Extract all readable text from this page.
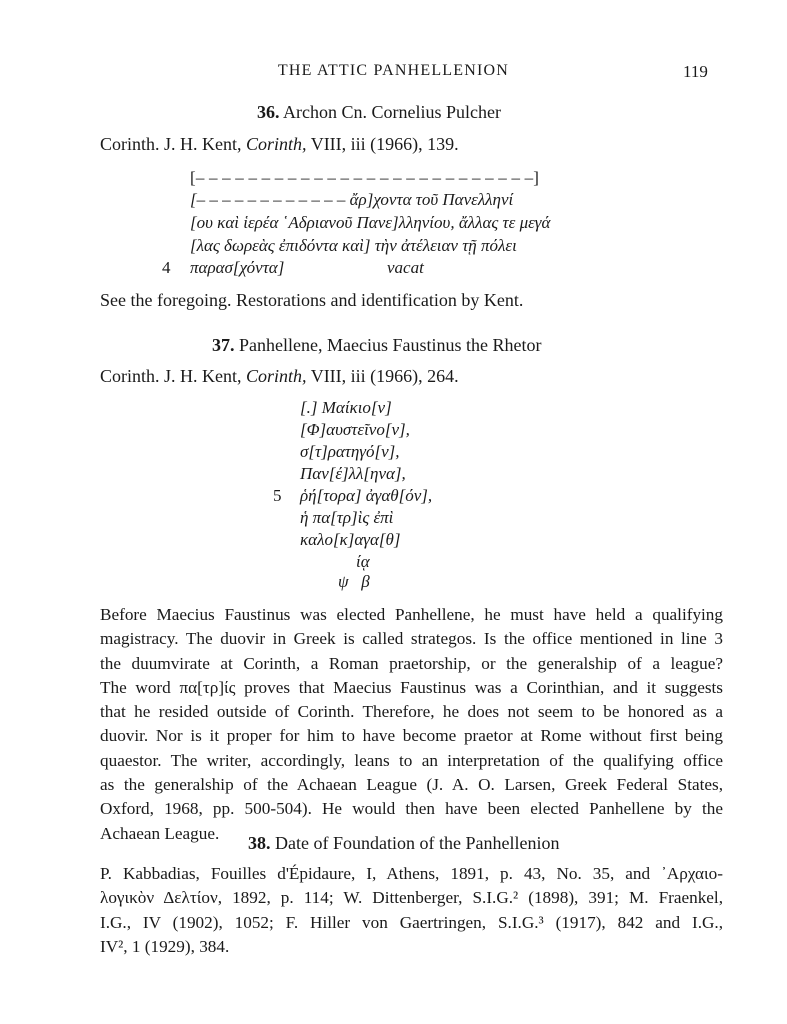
THE ATTIC PANHELLENION	119
36. Archon Cn. Cornelius Pulcher
Corinth. J. H. Kent, Corinth, VIII, iii (1966), 139.
[– – – – – – – – – – – – – – – – – – – – – – – – – –]
[– – – – – – – – – – – – ἄρ]χοντα τοῦ Πανελληνί
[ου καὶ ἱερέα ῾Αδριανοῦ Πανε]λληνίου, ἄλλας τε μεγά
[λας δωρεὰς ἐπιδόντα καὶ] τὴν ἀτέλειαν τῇ πόλει
4 παρασ[χόντα]	vacat
See the foregoing. Restorations and identification by Kent.
37. Panhellene, Maecius Faustinus the Rhetor
Corinth. J. H. Kent, Corinth, VIII, iii (1966), 264.
[.] Μαίκιο[ν]
[Φ]αυστεῖνο[ν],
σ[τ]ρατηγό[ν],
Παν[έ]λλ[ηνα],
5 ῥή[τορα] ἀγαθ[όν],
ἡ πα[τρ]ὶς ἐπὶ
καλο[κ]αγα[θ]
ίᾳ
ψ   β
Before Maecius Faustinus was elected Panhellene, he must have held a qualifying
magistracy. The duovir in Greek is called strategos. Is the office mentioned in line 3
the duumvirate at Corinth, a Roman praetorship, or the generalship of a league?
The word πα[τρ]ίς proves that Maecius Faustinus was a Corinthian, and it suggests
that he resided outside of Corinth. Therefore, he does not seem to be honored as a
duovir. Nor is it proper for him to have become praetor at Rome without first being
quaestor. The writer, accordingly, leans to an interpretation of the qualifying office
as the generalship of the Achaean League (J. A. O. Larsen, Greek Federal States,
Oxford, 1968, pp. 500-504). He would then have been elected Panhellene by the
Achaean League.	38. Date of Foundation of the Panhellenion
P. Kabbadias, Fouilles d'Épidaure, I, Athens, 1891, p. 43, No. 35, and ᾽Αρχαιο-
λογικὸν Δελτίον, 1892, p. 114; W. Dittenberger, S.I.G.² (1898), 391; M. Fraenkel,
I.G., IV (1902), 1052; F. Hiller von Gaertringen, S.I.G.³ (1917), 842 and I.G.,
IV², 1 (1929), 384.
